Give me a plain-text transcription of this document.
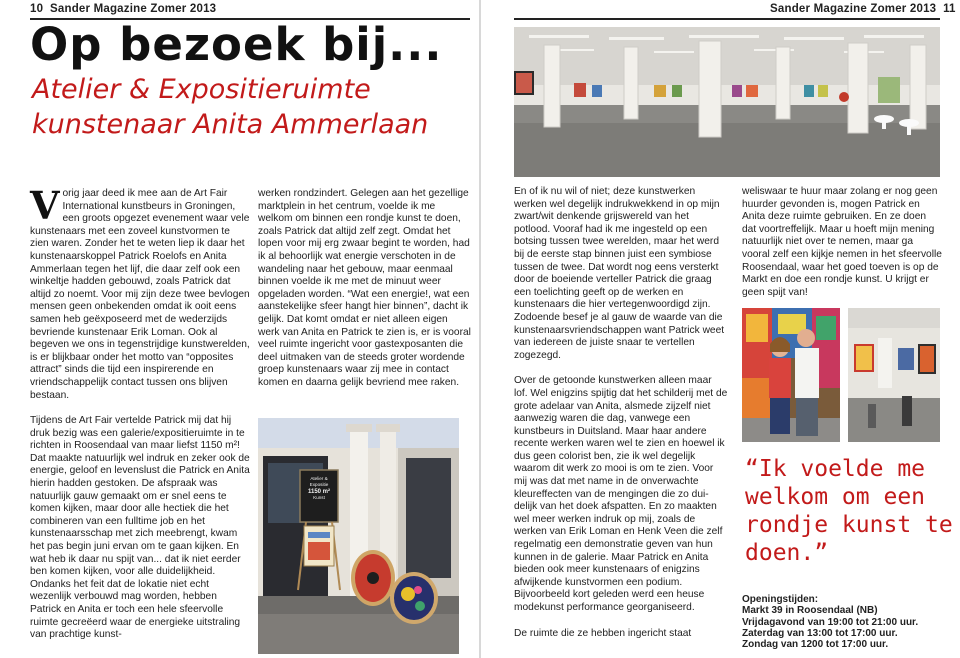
10 Sander Magazine Zomer 2013
Op bezoek bij...
Atelier & Expositieruimte kunstenaar Anita Ammerlaan

Vorig jaar deed ik mee aan de Art Fair International kunstbeurs in Groningen, een groots opgezet evenement waar vele kunstenaars met een zoveel kunstvormen te zien waren. Zonder het te weten liep ik daar het kunstenaarskoppel Patrick Roelofs en Anita Ammerlaan tegen het lijf, die daar zelf ook een winkeltje hadden gebouwd, zoals Patrick dat altijd zo noemt. Voor mij zijn deze twee bevlogen mensen geen onbekenden omdat ik ooit eens samen heb geëxposeerd met de wederzijds bevriende kunstenaar Erik Loman. Ook al begeven we ons in tegenstrijdige kunstwerelden, is er blijkbaar onder het motto van “opposites attract” sinds die tijd een inspirerende en vriendschappelijk contact tussen ons blijven bestaan.

Tijdens de Art Fair vertelde Patrick mij dat hij druk bezig was een galerie/expositieruimte in te richten in Roosendaal van maar liefst 1150 m²! Dat maakte natuurlijk wel indruk en zeker ook de energie, geloof en levenslust die Patrick en Anita hierin hadden gestoken. De afspraak was natuurlijk gauw gemaakt om er snel eens te komen kijken, maar door alle hectiek die het combineren van een fulltime job en het kunstenaarsschap met zich meebrengt, kwam het pas begin juni ervan om te gaan kijken. En wat heb ik daar nu spijt van... dat ik niet eerder ben komen kijken, voor alle duidelijkheid. Ondanks het feit dat de lokatie niet echt wezenlijk verbouwd mag worden, hebben Patrick en Anita er toch een hele sfeervolle ruimte gecreëerd waar de energieke uitstraling van prachtige kunst-

werken rondzindert. Gelegen aan het gezellige marktplein in het centrum, voelde ik me welkom om binnen een rondje kunst te doen, zoals Patrick dat altijd zelf zegt. Omdat het lopen voor mij erg zwaar begint te worden, had ik al behoorlijk wat energie verschoten in de wandeling naar het gebouw, maar eenmaal binnen voelde ik me met de minuut weer opgeladen worden. “Wat een energie!, wat een aanstekelijke sfeer hangt hier binnen”, dacht ik gelijk. Dat komt omdat er niet alleen eigen werk van Anita en Patrick te zien is, er is vooral veel ruimte ingericht voor gastexposanten die deel uitmaken van de steeds groter wordende groep kunstenaars waar zij mee in contact komen en daarna gelijk bevriend mee raken.

Atelier & Expositie
1150 m²
Kunst
Sander Magazine Zomer 2013 11

En of ik nu wil of niet; deze kunstwerken werken wel degelijk indrukwekkend in op mijn zwart/wit denkende grijswereld van het potlood. Vooraf had ik me ingesteld op een botsing tussen twee werelden, maar het werd bij de eerste stap binnen juist een symbiose tussen de twee. Dat wordt nog eens versterkt door de boeiende verteller Patrick die graag een toelichting geeft op de werken en kunstenaars die hier vertegenwoordigd zijn. Zodoende besef je al gauw de waarde van die kunstenaarsvriendschappen want Patrick weet van iedereen de juiste snaar te vertellen zogezegd.

Over de getoonde kunstwerken alleen maar lof. Wel enigzins spijtig dat het schilderij met de grote adelaar van Anita, alsmede zijzelf niet aanwezig waren die dag, vanwege een kunstbeurs in Duitsland. Maar haar andere recente werken waren wel te zien en hoewel ik dus geen colorist ben, zie ik wel degelijk waarom dit werk zo mooi is om te zien. Voor mij was dat met name in de onverwachte kleureffecten van de mengingen die zo duidelijk van het doek afspatten. En zo maakten wel meer werken indruk op mij, zoals de werken van Erik Loman en Henk Veen die zelf regelmatig een demonstratie geven van hun kunnen in de galerie. Maar Patrick en Anita bieden ook meer kunstenaars of enigzins afwijkende kunstvormen een podium. Bijvoorbeeld kort geleden werd een heuse modekunst performance georganiseerd.

De ruimte die ze hebben ingericht staat

weliswaar te huur maar zolang er nog geen huurder gevonden is, mogen Patrick en Anita deze ruimte gebruiken. En ze doen dat voortreffelijk. Maar u hoeft mijn mening natuurlijk niet over te nemen, maar ga vooral zelf een kijkje nemen in het sfeervolle Roosendaal, waar het goed toeven is op de Markt en doe een rondje kunst. U krijgt er geen spijt van!

“Ik voelde me welkom om een rondje kunst te doen.”
Openingstijden:
Markt 39 in Roosendaal (NB)
Vrijdagavond van 19:00 tot 21:00 uur.
Zaterdag van 13:00 tot 17:00 uur.
Zondag van 1200 tot 17:00 uur.
